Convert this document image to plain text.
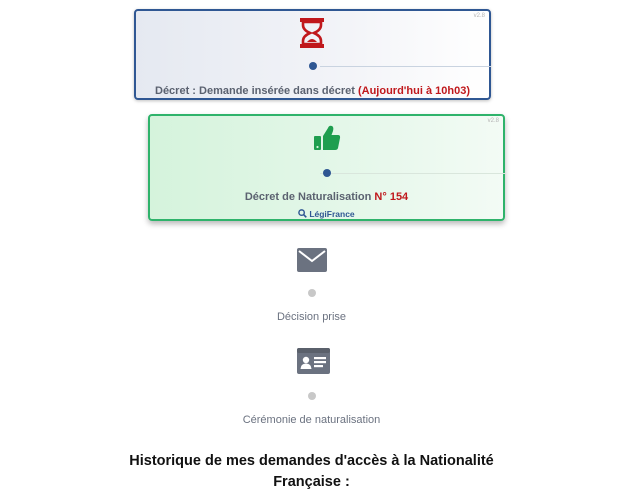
v2.8
Décret : Demande insérée dans décret (Aujourd'hui à 10h03)
v2.8
Décret de Naturalisation N° 154
LégiFrance
Décision prise
Cérémonie de naturalisation
Historique de mes demandes d'accès à la Nationalité
Française :
